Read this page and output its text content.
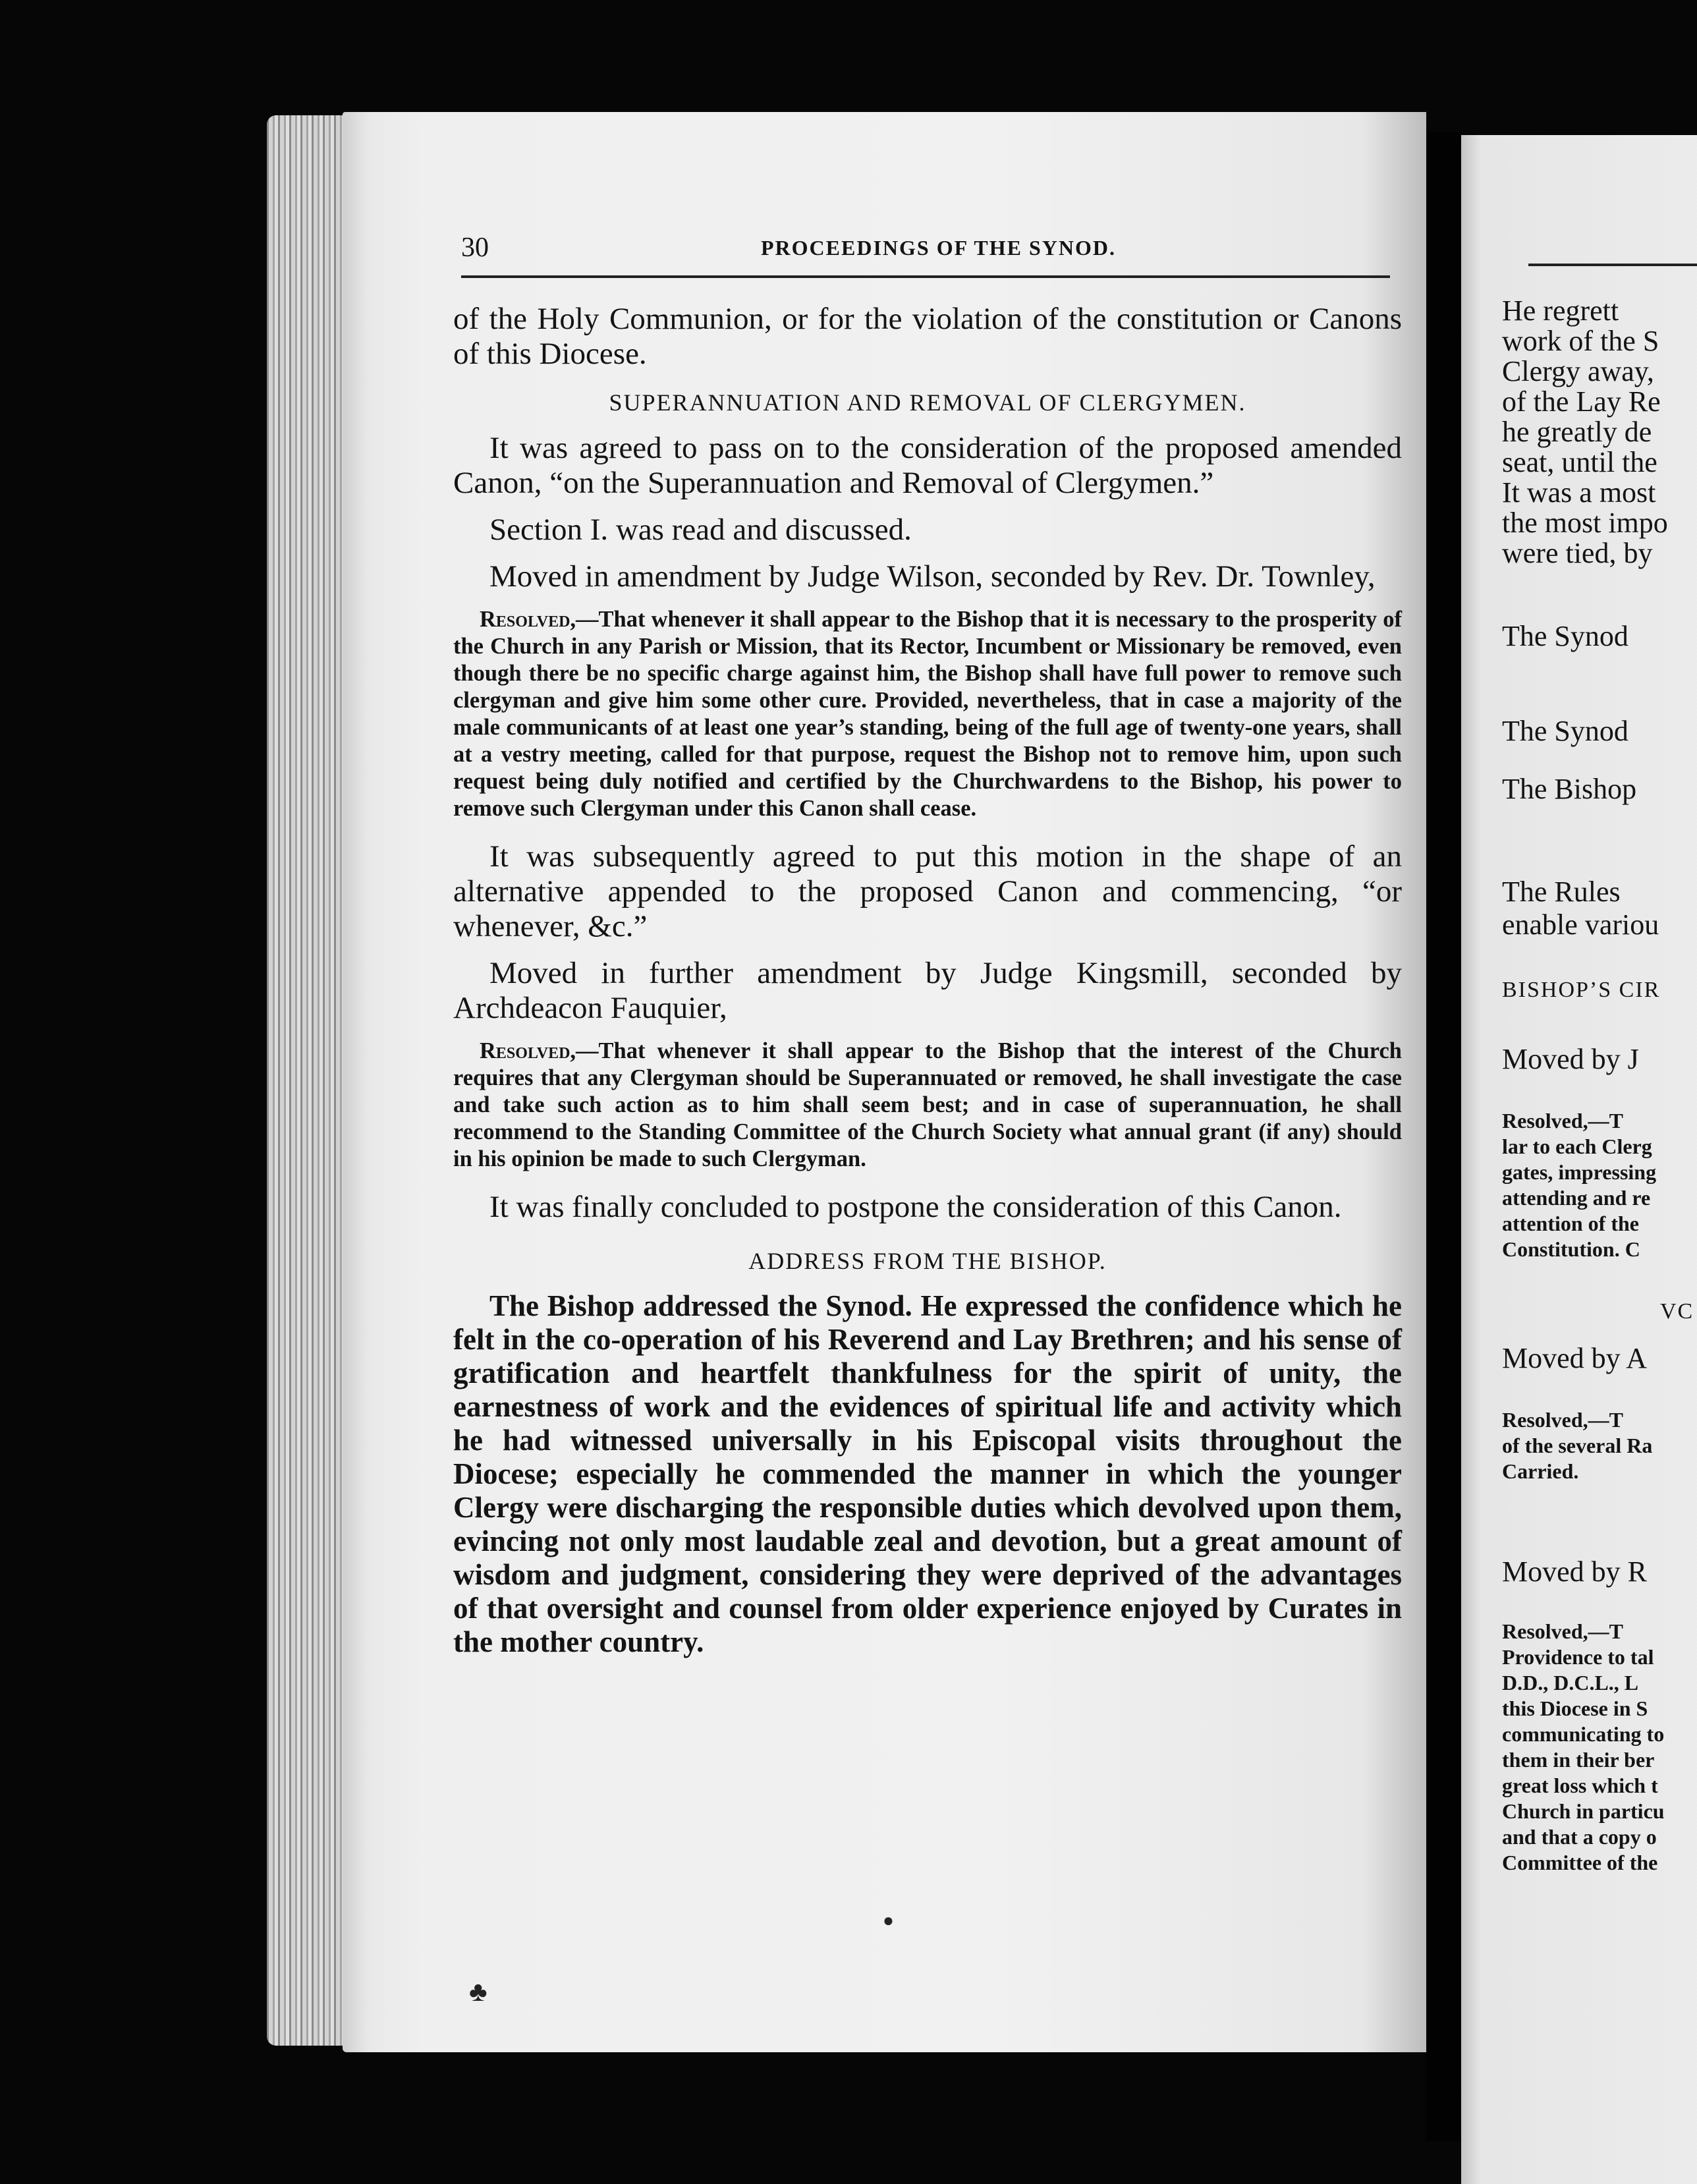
30	PROCEEDINGS OF THE SYNOD.

of the Holy Communion, or for the violation of the constitution or Canons of this Diocese.

SUPERANNUATION AND REMOVAL OF CLERGYMEN.

It was agreed to pass on to the consideration of the proposed amended Canon, “on the Superannuation and Removal of Clergymen.”

Section I. was read and discussed.

Moved in amendment by Judge Wilson, seconded by Rev. Dr. Townley,

Resolved,—That whenever it shall appear to the Bishop that it is necessary to the prosperity of the Church in any Parish or Mission, that its Rector, Incumbent or Missionary be removed, even though there be no specific charge against him, the Bishop shall have full power to remove such clergyman and give him some other cure. Provided, nevertheless, that in case a majority of the male communicants of at least one year’s standing, being of the full age of twenty-one years, shall at a vestry meeting, called for that purpose, request the Bishop not to remove him, upon such request being duly notified and certified by the Churchwardens to the Bishop, his power to remove such Clergyman under this Canon shall cease.

It was subsequently agreed to put this motion in the shape of an alternative appended to the proposed Canon and commencing, “or whenever, &c.”

Moved in further amendment by Judge Kingsmill, seconded by Archdeacon Fauquier,

Resolved,—That whenever it shall appear to the Bishop that the interest of the Church requires that any Clergyman should be Superannuated or removed, he shall investigate the case and take such action as to him shall seem best; and in case of superannuation, he shall recommend to the Standing Committee of the Church Society what annual grant (if any) should in his opinion be made to such Clergyman.

It was finally concluded to postpone the consideration of this Canon.

ADDRESS FROM THE BISHOP.

The Bishop addressed the Synod. He expressed the confidence which he felt in the co-operation of his Reverend and Lay Brethren; and his sense of gratification and heartfelt thankfulness for the spirit of unity, the earnestness of work and the evidences of spiritual life and activity which he had witnessed universally in his Episcopal visits throughout the Diocese; especially he commended the manner in which the younger Clergy were discharging the responsible duties which devolved upon them, evincing not only most laudable zeal and devotion, but a great amount of wisdom and judgment, considering they were deprived of the advantages of that oversight and counsel from older experience enjoyed by Curates in the mother country.

He regrett
work of the S
Clergy away,
of the Lay Re
he greatly de
seat, until the
It was a most
the most impo
were tied, by
The Synod
The Synod
The Bishop
The Rules
enable variou
BISHOP’S CIR
Moved by J
Resolved,—T
lar to each Clerg
gates, impressing
attending and re
attention of the
Constitution. C
VC
Moved by A
Resolved,—T
of the several Ra
Carried.
Moved by R
Resolved,—T
Providence to tal
D.D., D.C.L., L
this Diocese in S
communicating to
them in their ber
great loss which t
Church in particu
and that a copy o
Committee of the
♣
●
